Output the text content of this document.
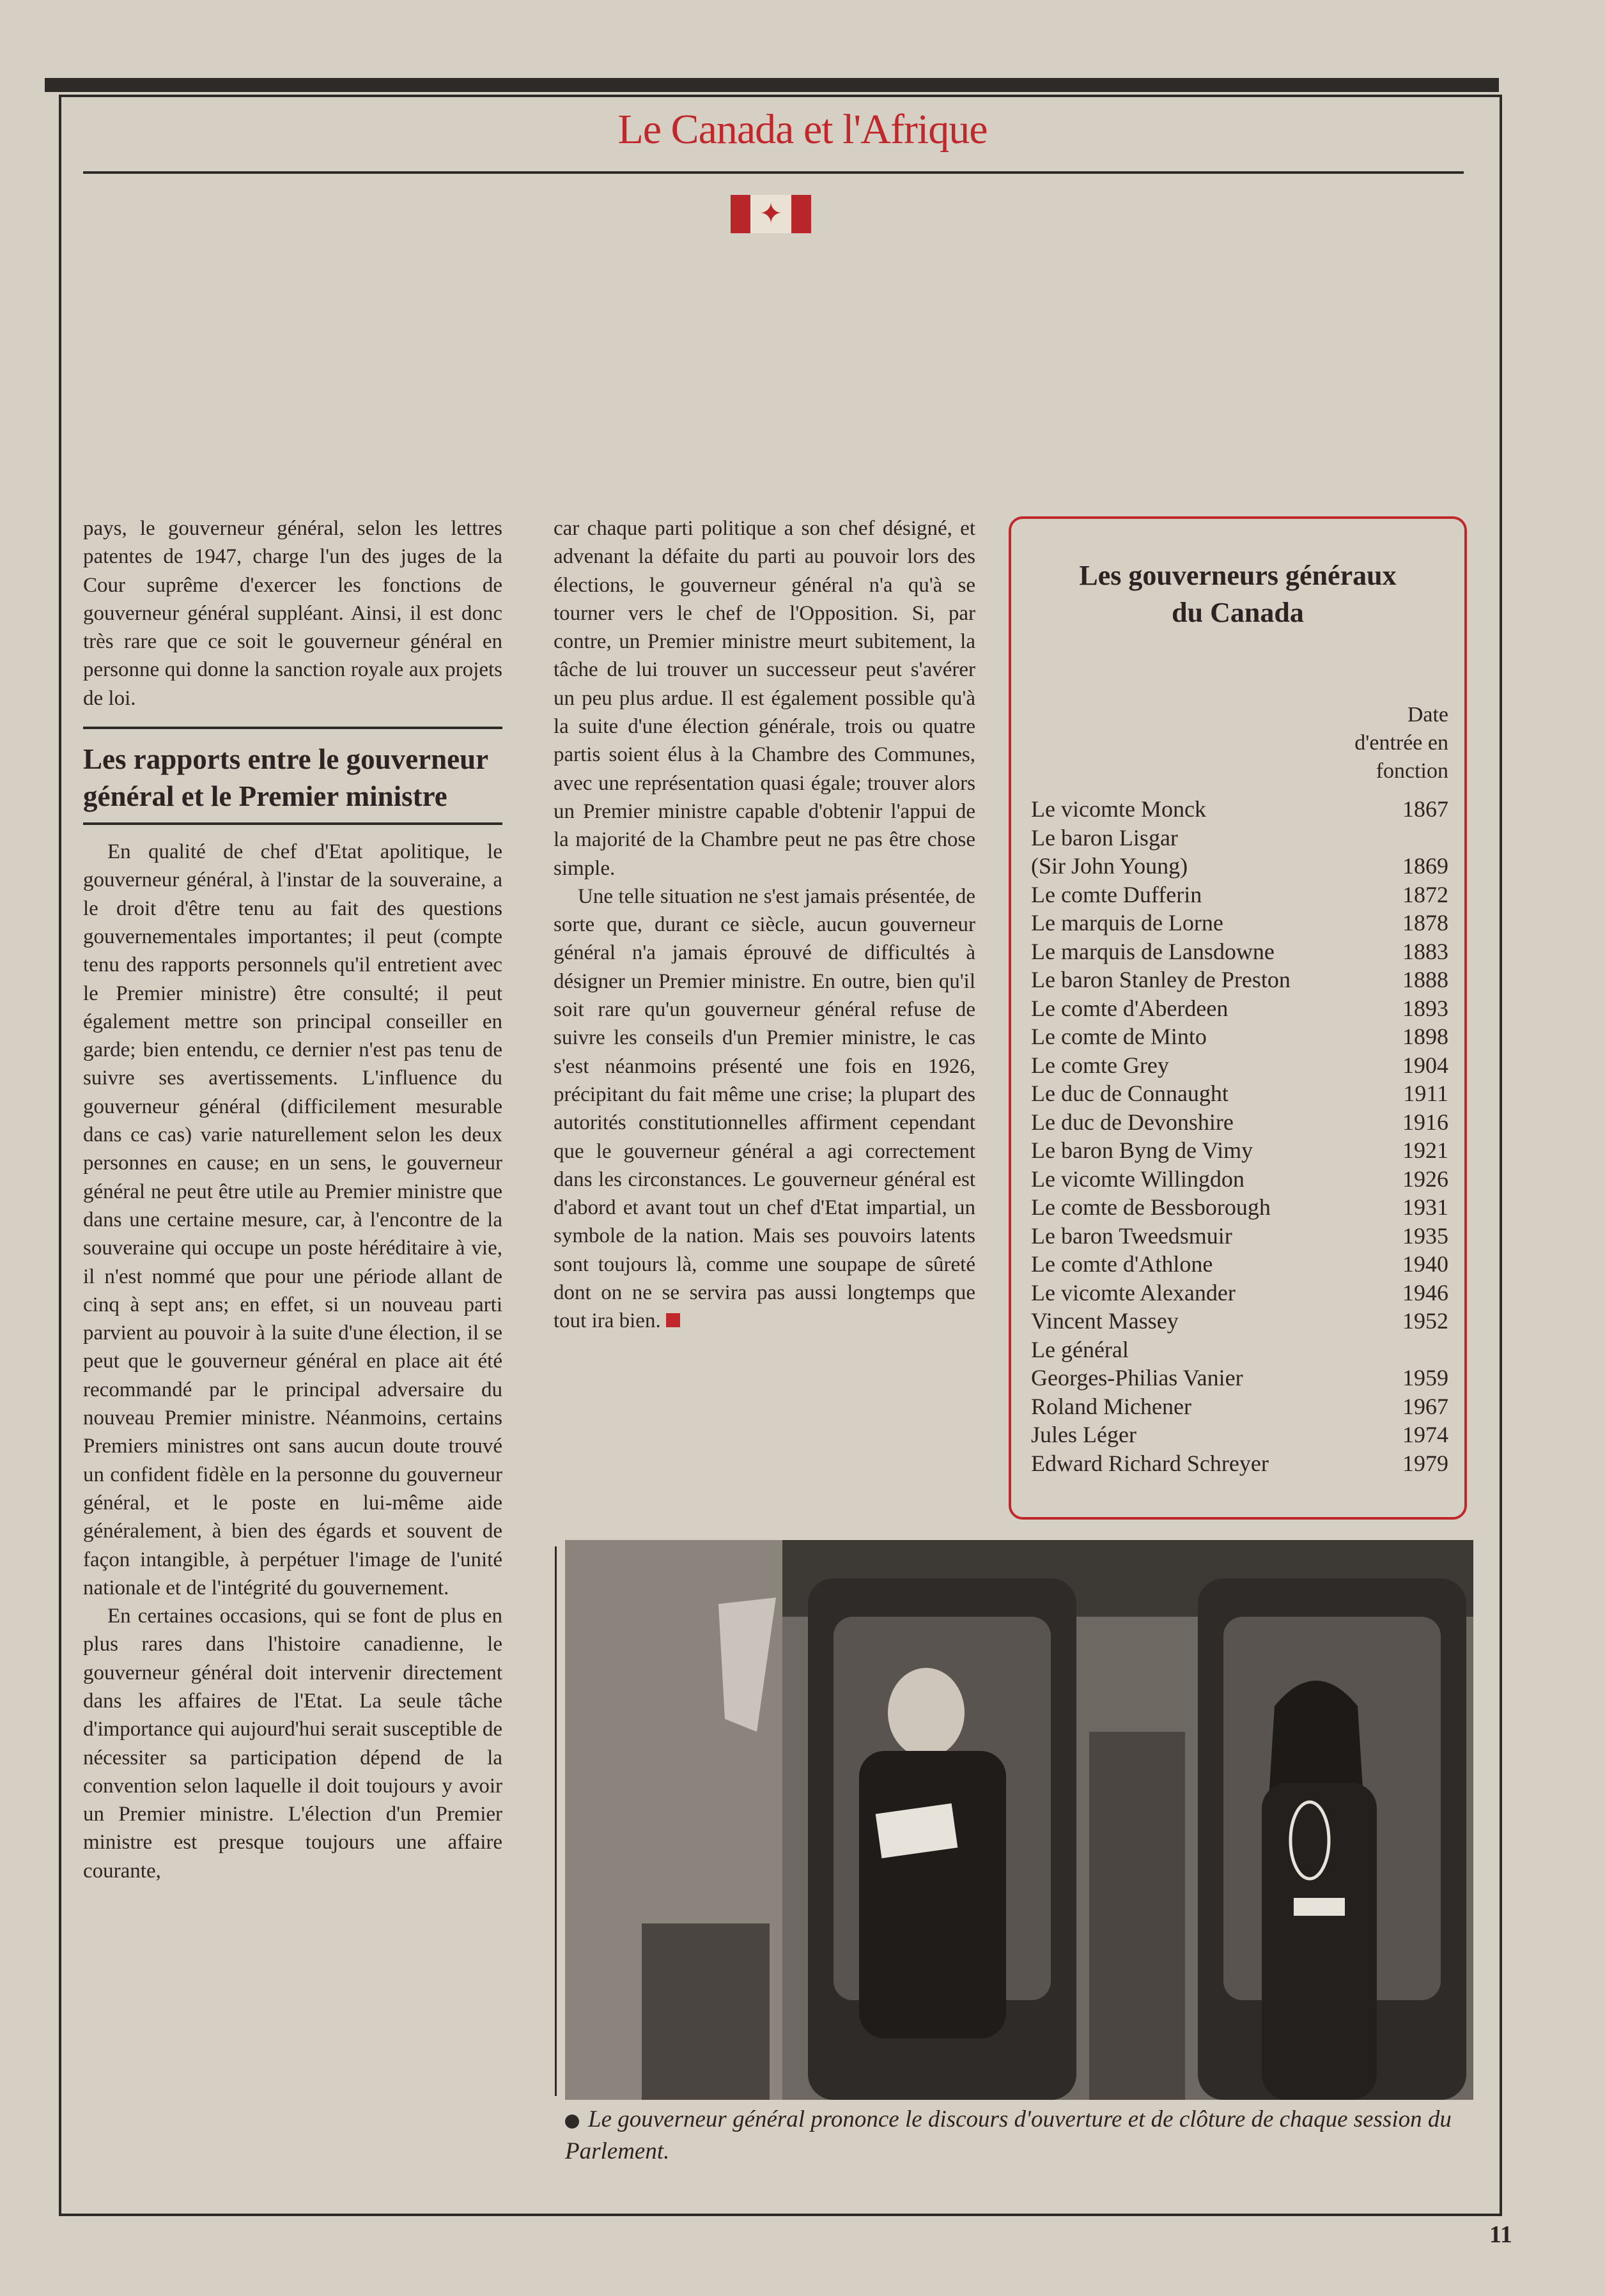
Le Canada et l'Afrique
✦

pays, le gouverneur général, selon les lettres patentes de 1947, charge l'un des juges de la Cour suprême d'exercer les fonctions de gouverneur général suppléant. Ainsi, il est donc très rare que ce soit le gouverneur général en personne qui donne la sanction royale aux projets de loi.

Les rapports entre le gouverneur général et le Premier ministre

En qualité de chef d'Etat apolitique, le gouverneur général, à l'instar de la souveraine, a le droit d'être tenu au fait des questions gouvernementales importantes; il peut (compte tenu des rapports personnels qu'il entretient avec le Premier ministre) être consulté; il peut également mettre son principal conseiller en garde; bien entendu, ce dernier n'est pas tenu de suivre ses avertissements. L'influence du gouverneur général (difficilement mesurable dans ce cas) varie naturellement selon les deux personnes en cause; en un sens, le gouverneur général ne peut être utile au Premier ministre que dans une certaine mesure, car, à l'encontre de la souveraine qui occupe un poste héréditaire à vie, il n'est nommé que pour une période allant de cinq à sept ans; en effet, si un nouveau parti parvient au pouvoir à la suite d'une élection, il se peut que le gouverneur général en place ait été recommandé par le principal adversaire du nouveau Premier ministre. Néanmoins, certains Premiers ministres ont sans aucun doute trouvé un confident fidèle en la personne du gouverneur général, et le poste en lui-même aide généralement, à bien des égards et souvent de façon intangible, à perpétuer l'image de l'unité nationale et de l'intégrité du gouvernement.

En certaines occasions, qui se font de plus en plus rares dans l'histoire canadienne, le gouverneur général doit intervenir directement dans les affaires de l'Etat. La seule tâche d'importance qui aujourd'hui serait susceptible de nécessiter sa participation dépend de la convention selon laquelle il doit toujours y avoir un Premier ministre. L'élection d'un Premier ministre est presque toujours une affaire courante,

car chaque parti politique a son chef désigné, et advenant la défaite du parti au pouvoir lors des élections, le gouverneur général n'a qu'à se tourner vers le chef de l'Opposition. Si, par contre, un Premier ministre meurt subitement, la tâche de lui trouver un successeur peut s'avérer un peu plus ardue. Il est également possible qu'à la suite d'une élection générale, trois ou quatre partis soient élus à la Chambre des Communes, avec une représentation quasi égale; trouver alors un Premier ministre capable d'obtenir l'appui de la majorité de la Chambre peut ne pas être chose simple.

Une telle situation ne s'est jamais présentée, de sorte que, durant ce siècle, aucun gouverneur général n'a jamais éprouvé de difficultés à désigner un Premier ministre. En outre, bien qu'il soit rare qu'un gouverneur général refuse de suivre les conseils d'un Premier ministre, le cas s'est néanmoins présenté une fois en 1926, précipitant du fait même une crise; la plupart des autorités constitutionnelles affirment cependant que le gouverneur général a agi correctement dans les circonstances. Le gouverneur général est d'abord et avant tout un chef d'Etat impartial, un symbole de la nation. Mais ses pouvoirs latents sont toujours là, comme une soupape de sûreté dont on ne se servira pas aussi longtemps que tout ira bien.

Les gouverneurs généraux du Canada
Date d'entrée en fonction
Le vicomte Monck	1867
Le baron Lisgar
(Sir John Young)	1869
Le comte Dufferin	1872
Le marquis de Lorne	1878
Le marquis de Lansdowne	1883
Le baron Stanley de Preston	1888
Le comte d'Aberdeen	1893
Le comte de Minto	1898
Le comte Grey	1904
Le duc de Connaught	1911
Le duc de Devonshire	1916
Le baron Byng de Vimy	1921
Le vicomte Willingdon	1926
Le comte de Bessborough	1931
Le baron Tweedsmuir	1935
Le comte d'Athlone	1940
Le vicomte Alexander	1946
Vincent Massey	1952
Le général
Georges-Philias Vanier	1959
Roland Michener	1967
Jules Léger	1974
Edward Richard Schreyer	1979
Le gouverneur général prononce le discours d'ouverture et de clôture de chaque session du Parlement.
11
